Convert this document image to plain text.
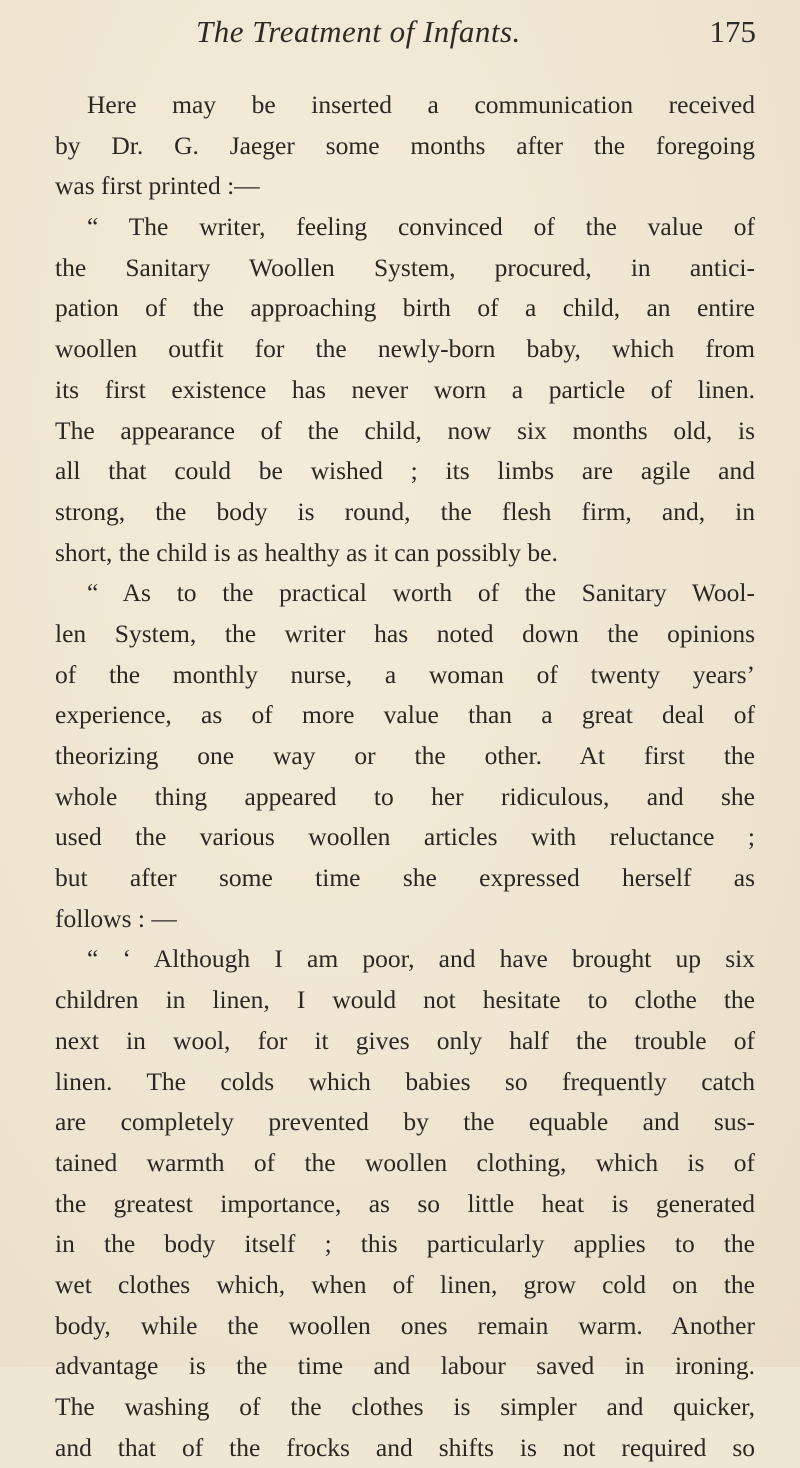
The Treatment of Infants.	175
Here may be inserted a communication received
by Dr. G. Jaeger some months after the foregoing
was first printed :—
“ The writer, feeling convinced of the value of
the Sanitary Woollen System, procured, in antici-
pation of the approaching birth of a child, an entire
woollen outfit for the newly-born baby, which from
its first existence has never worn a particle of linen.
The appearance of the child, now six months old, is
all that could be wished ; its limbs are agile and
strong, the body is round, the flesh firm, and, in
short, the child is as healthy as it can possibly be.
“ As to the practical worth of the Sanitary Wool-
len System, the writer has noted down the opinions
of the monthly nurse, a woman of twenty years’
experience, as of more value than a great deal of
theorizing one way or the other. At first the
whole thing appeared to her ridiculous, and she
used the various woollen articles with reluctance ;
but after some time she expressed herself as
follows : —
“ ‘ Although I am poor, and have brought up six
children in linen, I would not hesitate to clothe the
next in wool, for it gives only half the trouble of
linen. The colds which babies so frequently catch
are completely prevented by the equable and sus-
tained warmth of the woollen clothing, which is of
the greatest importance, as so little heat is generated
in the body itself ; this particularly applies to the
wet clothes which, when of linen, grow cold on the
body, while the woollen ones remain warm. Another
advantage is the time and labour saved in ironing.
The washing of the clothes is simpler and quicker,
and that of the frocks and shifts is not required so
